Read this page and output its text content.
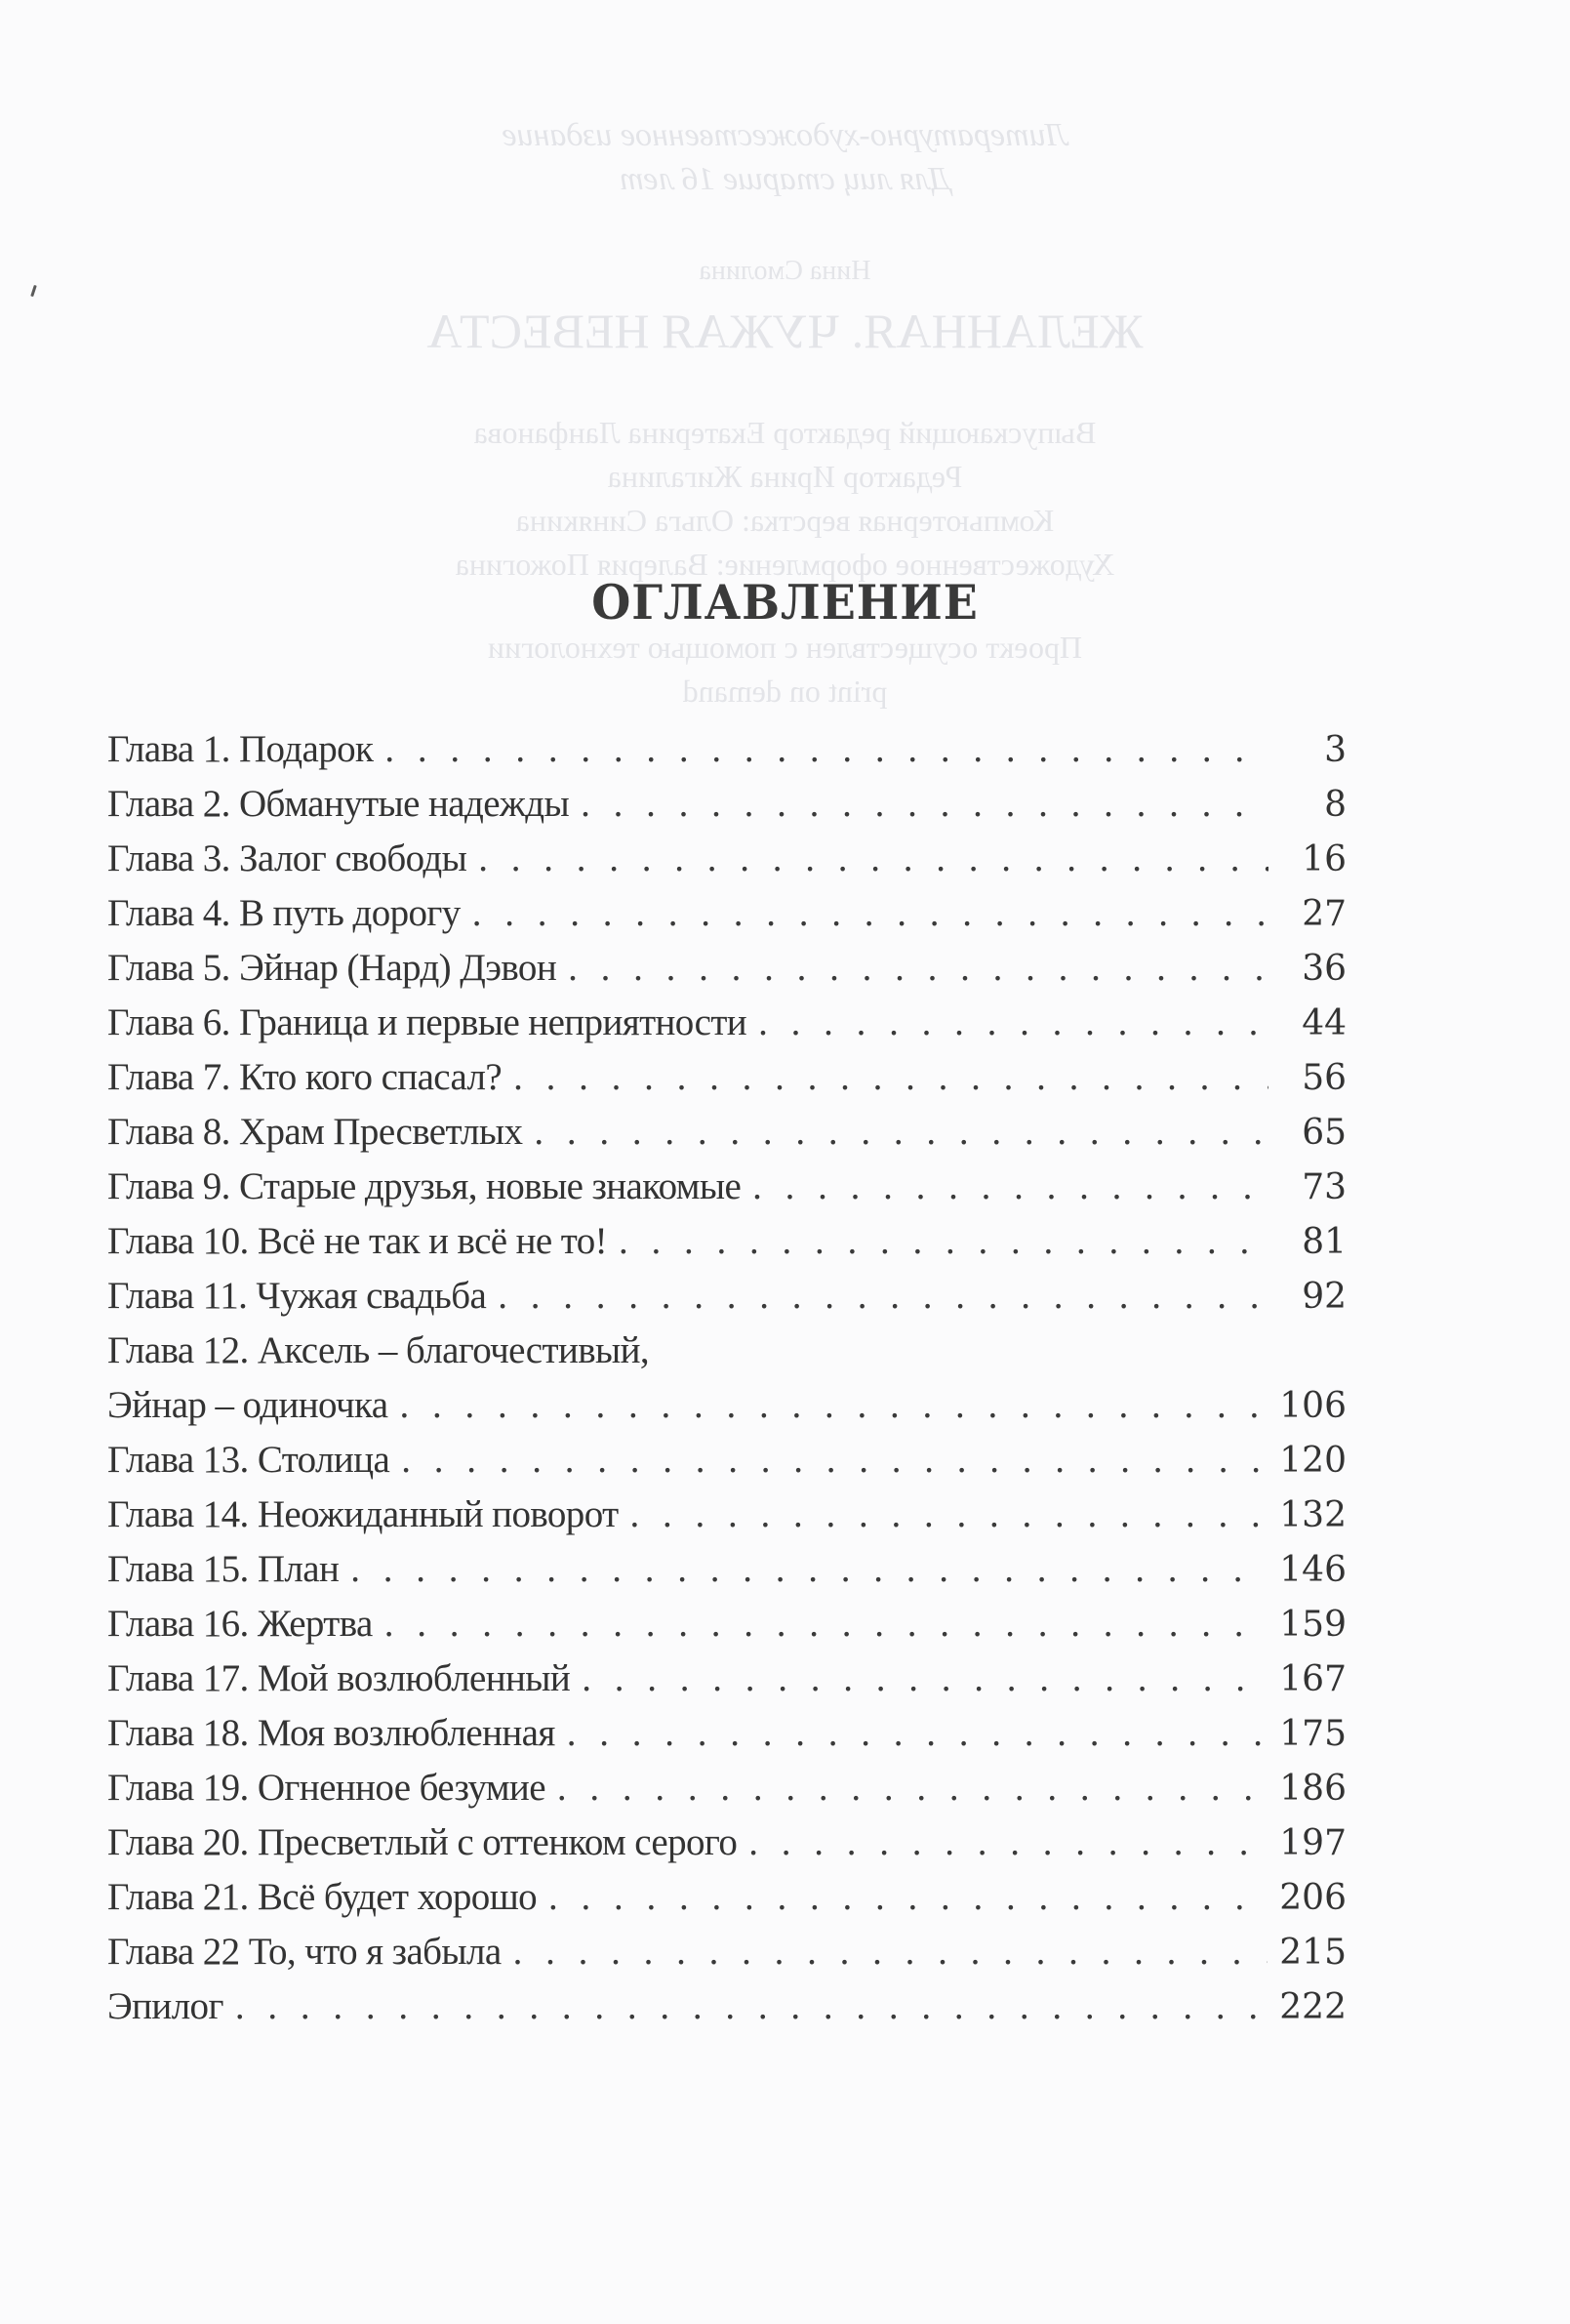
Литературно-художественное издание
Для лиц старше 16 лет
Нина Смолина
ЖЕЛАННАЯ. ЧУЖАЯ НЕВЕСТА
Выпускающий редактор Екатерина Ланфанова
Редактор Ирина Жигалина
Компьютерная верстка: Ольга Синякина
Художественное оформление: Валерия Пожогина
Проект осуществлен с помощью технологии
print on demand
ОГЛАВЛЕНИЕ
Глава 1. Подарок . . .	3
Глава 2. Обманутые надежды . . .	8
Глава 3. Залог свободы . . .	16
Глава 4. В путь дорогу . . .	27
Глава 5. Эйнар (Нард) Дэвон . . .	36
Глава 6. Граница и первые неприятности . . .	44
Глава 7. Кто кого спасал? . . .	56
Глава 8. Храм Пресветлых . . .	65
Глава 9. Старые друзья, новые знакомые . . .	73
Глава 10. Всё не так и всё не то! . . .	81
Глава 11. Чужая свадьба . . .	92
Глава 12. Аксель – благочестивый,
Эйнар – одиночка . . .	106
Глава 13. Столица . . .	120
Глава 14. Неожиданный поворот . . .	132
Глава 15. План . . .	146
Глава 16. Жертва . . .	159
Глава 17. Мой возлюбленный . . .	167
Глава 18. Моя возлюбленная . . .	175
Глава 19. Огненное безумие . . .	186
Глава 20. Пресветлый с оттенком серого . . .	197
Глава 21. Всё будет хорошо . . .	206
Глава 22 То, что я забыла . . .	215
Эпилог . . .	222
